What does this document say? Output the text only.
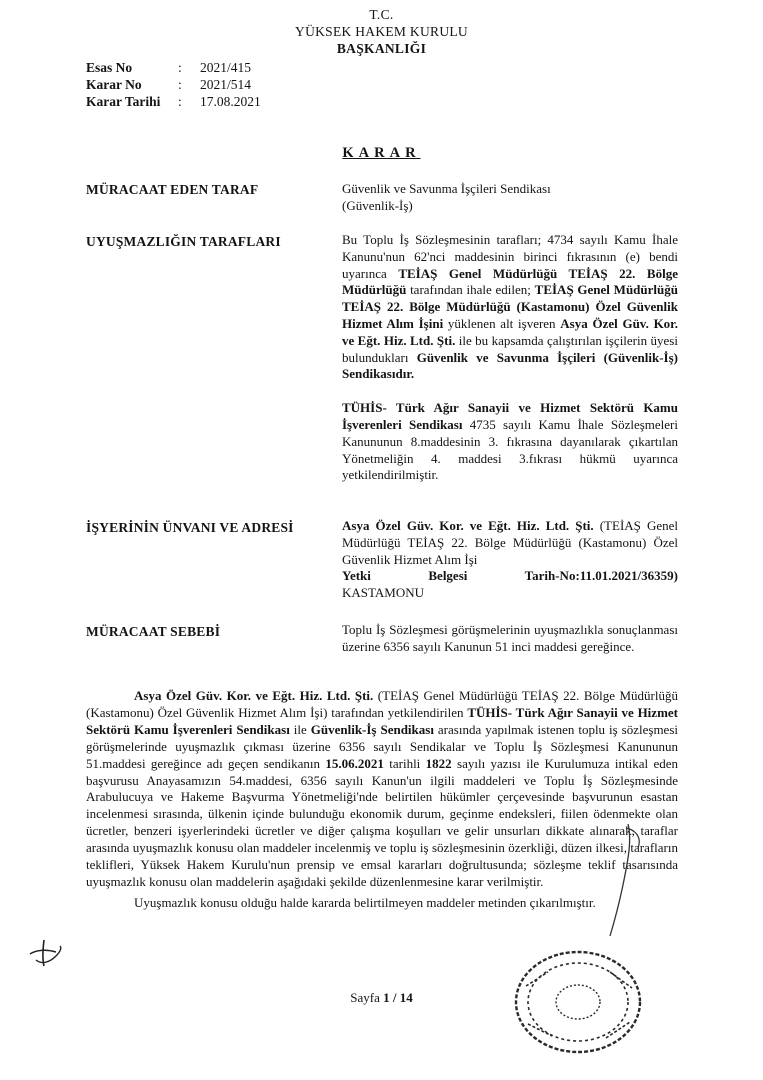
T.C.
YÜKSEK HAKEM KURULU
BAŞKANLIĞI
Esas No	:	2021/415
Karar No	:	2021/514
Karar Tarihi	:	17.08.2021
KARAR
MÜRACAAT EDEN TARAF	Güvenlik ve Savunma İşçileri Sendikası

(Güvenlik-İş)

UYUŞMAZLIĞIN TARAFLARI	Bu Toplu İş Sözleşmesinin tarafları; 4734 sayılı Kamu İhale Kanunu'nun 62'nci maddesinin birinci fıkrasının (e) bendi uyarınca TEİAŞ Genel Müdürlüğü TEİAŞ 22. Bölge Müdürlüğü tarafından ihale edilen; TEİAŞ Genel Müdürlüğü TEİAŞ 22. Bölge Müdürlüğü (Kastamonu) Özel Güvenlik Hizmet Alım İşini yüklenen alt işveren Asya Özel Güv. Kor. ve Eğt. Hiz. Ltd. Şti. ile bu kapsamda çalıştırılan işçilerin üyesi bulundukları Güvenlik ve Savunma İşçileri (Güvenlik-İş) Sendikasıdır.

TÜHİS- Türk Ağır Sanayii ve Hizmet Sektörü Kamu İşverenleri Sendikası 4735 sayılı Kamu İhale Sözleşmeleri Kanununun 8.maddesinin 3. fıkrasına dayanılarak çıkartılan Yönetmeliğin 4. maddesi 3.fıkrası hükmü uyarınca yetkilendirilmiştir.

İŞYERİNİN ÜNVANI VE ADRESİ	Asya Özel Güv. Kor. ve Eğt. Hiz. Ltd. Şti. (TEİAŞ Genel Müdürlüğü TEİAŞ 22. Bölge Müdürlüğü (Kastamonu) Özel Güvenlik Hizmet Alım İşi

Yetki Belgesi Tarih-No:11.01.2021/36359)

KASTAMONU

MÜRACAAT SEBEBİ	Toplu İş Sözleşmesi görüşmelerinin uyuşmazlıkla sonuçlanması üzerine 6356 sayılı Kanunun 51 inci maddesi gereğince.

Asya Özel Güv. Kor. ve Eğt. Hiz. Ltd. Şti. (TEİAŞ Genel Müdürlüğü TEİAŞ 22. Bölge Müdürlüğü (Kastamonu) Özel Güvenlik Hizmet Alım İşi) tarafından yetkilendirilen TÜHİS- Türk Ağır Sanayii ve Hizmet Sektörü Kamu İşverenleri Sendikası ile Güvenlik-İş Sendikası arasında yapılmak istenen toplu iş sözleşmesi görüşmelerinde uyuşmazlık çıkması üzerine 6356 sayılı Sendikalar ve Toplu İş Sözleşmesi Kanununun 51.maddesi gereğince adı geçen sendikanın 15.06.2021 tarihli 1822 sayılı yazısı ile Kurulumuza intikal eden başvurusu Anayasamızın 54.maddesi, 6356 sayılı Kanun'un ilgili maddeleri ve Toplu İş Sözleşmesinde Arabulucuya ve Hakeme Başvurma Yönetmeliği'nde belirtilen hükümler çerçevesinde başvurunun esastan incelenmesi sırasında, ülkenin içinde bulunduğu ekonomik durum, geçinme endeksleri, fiilen ödenmekte olan ücretler, benzeri işyerlerindeki ücretler ve diğer çalışma koşulları ve gelir unsurları dikkate alınarak, taraflar arasında uyuşmazlık konusu olan maddeler incelenmiş ve toplu iş sözleşmesinin özerkliği, düzen ilkesi, tarafların teklifleri, Yüksek Hakem Kurulu'nun prensip ve emsal kararları doğrultusunda; sözleşme teklif tasarısında uyuşmazlık konusu olan maddelerin aşağıdaki şekilde düzenlenmesine karar verilmiştir.

Uyuşmazlık konusu olduğu halde kararda belirtilmeyen maddeler metinden çıkarılmıştır.

Sayfa 1 / 14
